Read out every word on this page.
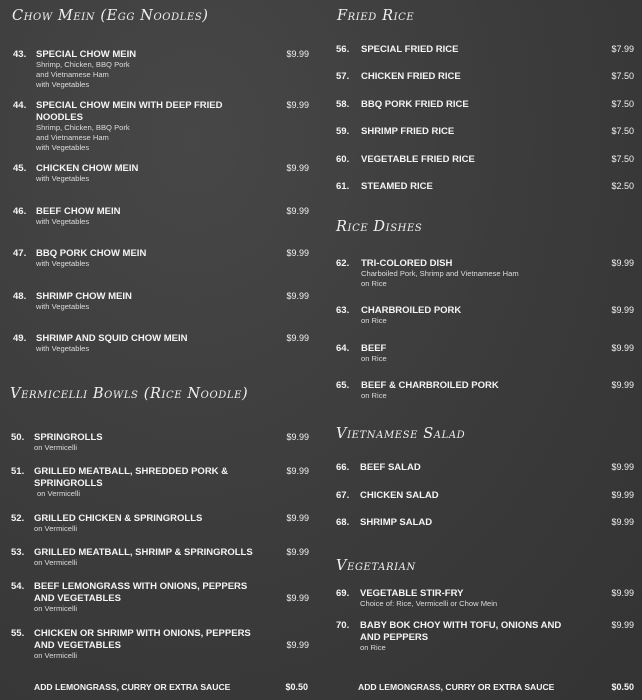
Chow Mein (Egg Noodles)
43. SPECIAL CHOW MEIN
Shrimp, Chicken, BBQ Pork
and Vietnamese Ham
with Vegetables
$9.99
44. SPECIAL CHOW MEIN WITH DEEP FRIED NOODLES
Shrimp, Chicken, BBQ Pork
and Vietnamese Ham
with Vegetables
$9.99
45. CHICKEN CHOW MEIN
with Vegetables
$9.99
46. BEEF CHOW MEIN
with Vegetables
$9.99
47. BBQ PORK CHOW MEIN
with Vegetables
$9.99
48. SHRIMP CHOW MEIN
with Vegetables
$9.99
49. SHRIMP AND SQUID CHOW MEIN
with Vegetables
$9.99
Vermicelli Bowls (Rice Noodle)
50. SPRINGROLLS
on Vermicelli
$9.99
51. GRILLED MEATBALL, SHREDDED PORK & SPRINGROLLS
on Vermicelli
$9.99
52. GRILLED CHICKEN & SPRINGROLLS
on Vermicelli
$9.99
53. GRILLED MEATBALL, SHRIMP & SPRINGROLLS
on Vermicelli
$9.99
54. BEEF LEMONGRASS WITH ONIONS, PEPPERS AND VEGETABLES
on Vermicelli
$9.99
55. CHICKEN OR SHRIMP WITH ONIONS, PEPPERS AND VEGETABLES
on Vermicelli
$9.99
ADD LEMONGRASS, CURRY OR EXTRA SAUCE	$0.50
Fried Rice
56. SPECIAL FRIED RICE	$7.99
57. CHICKEN FRIED RICE	$7.50
58. BBQ PORK FRIED RICE	$7.50
59. SHRIMP FRIED RICE	$7.50
60. VEGETABLE FRIED RICE	$7.50
61. STEAMED RICE	$2.50
Rice Dishes
62. TRI-COLORED DISH
Charboiled Pork, Shrimp and Vietnamese Ham
on Rice
$9.99
63. CHARBROILED PORK
on Rice
$9.99
64. BEEF
on Rice
$9.99
65. BEEF & CHARBROILED PORK
on Rice
$9.99
Vietnamese Salad
66. BEEF SALAD	$9.99
67. CHICKEN SALAD	$9.99
68. SHRIMP SALAD	$9.99
Vegetarian
69. VEGETABLE STIR-FRY
Choice of: Rice, Vermicelli or Chow Mein
$9.99
70. BABY BOK CHOY WITH TOFU, ONIONS AND AND PEPPERS
on Rice
$9.99
ADD LEMONGRASS, CURRY OR EXTRA SAUCE	$0.50
